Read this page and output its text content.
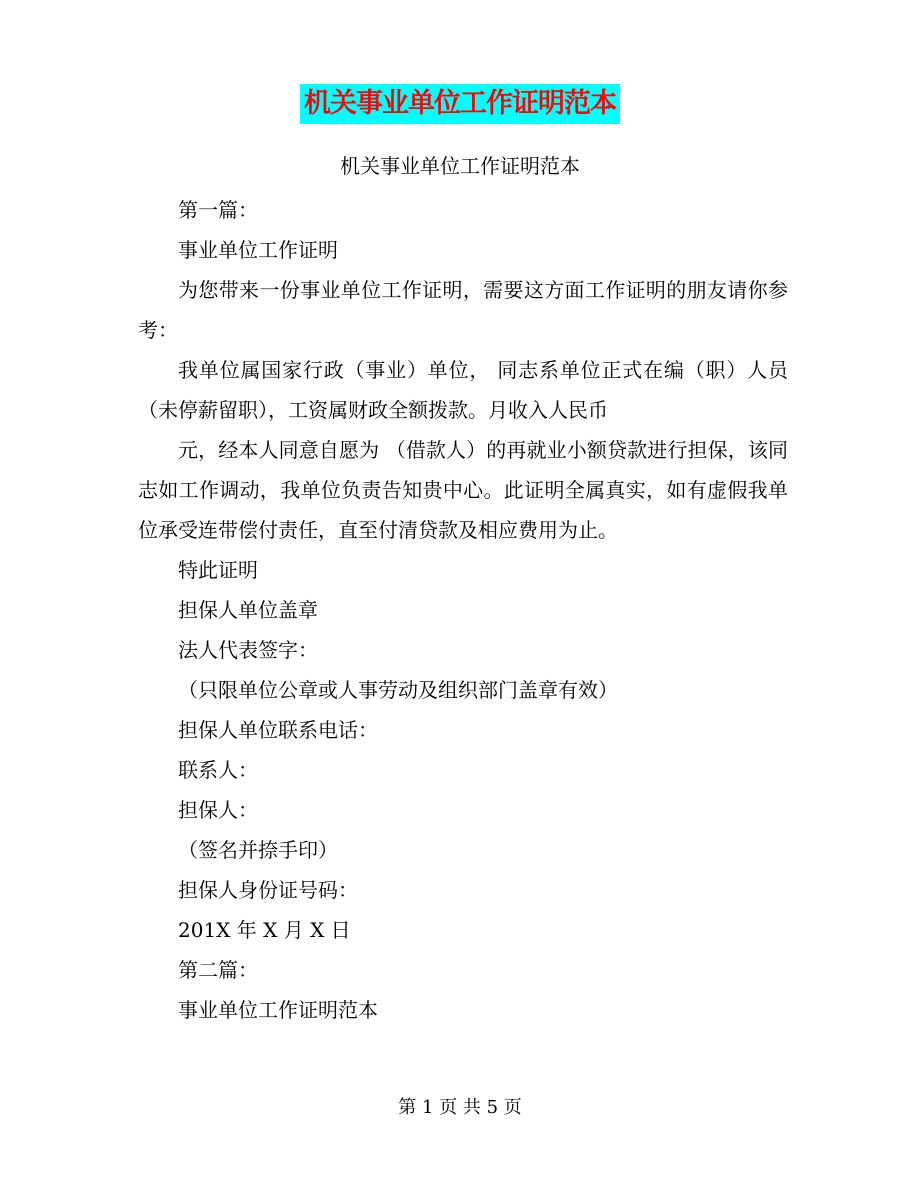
机关事业单位工作证明范本
机关事业单位工作证明范本

第一篇：

事业单位工作证明

为您带来一份事业单位工作证明，需要这方面工作证明的朋友请你参考：

我单位属国家行政（事业）单位， 同志系单位正式在编（职）人员（未停薪留职），工资属财政全额拨款。月收入人民币

元，经本人同意自愿为 （借款人）的再就业小额贷款进行担保，该同志如工作调动，我单位负责告知贵中心。此证明全属真实，如有虚假我单位承受连带偿付责任，直至付清贷款及相应费用为止。

特此证明

担保人单位盖章

法人代表签字：

（只限单位公章或人事劳动及组织部门盖章有效）

担保人单位联系电话：

联系人：

担保人：

（签名并捺手印）

担保人身份证号码：

201X 年 X 月 X 日

第二篇：

事业单位工作证明范本

第 1 页 共 5 页
